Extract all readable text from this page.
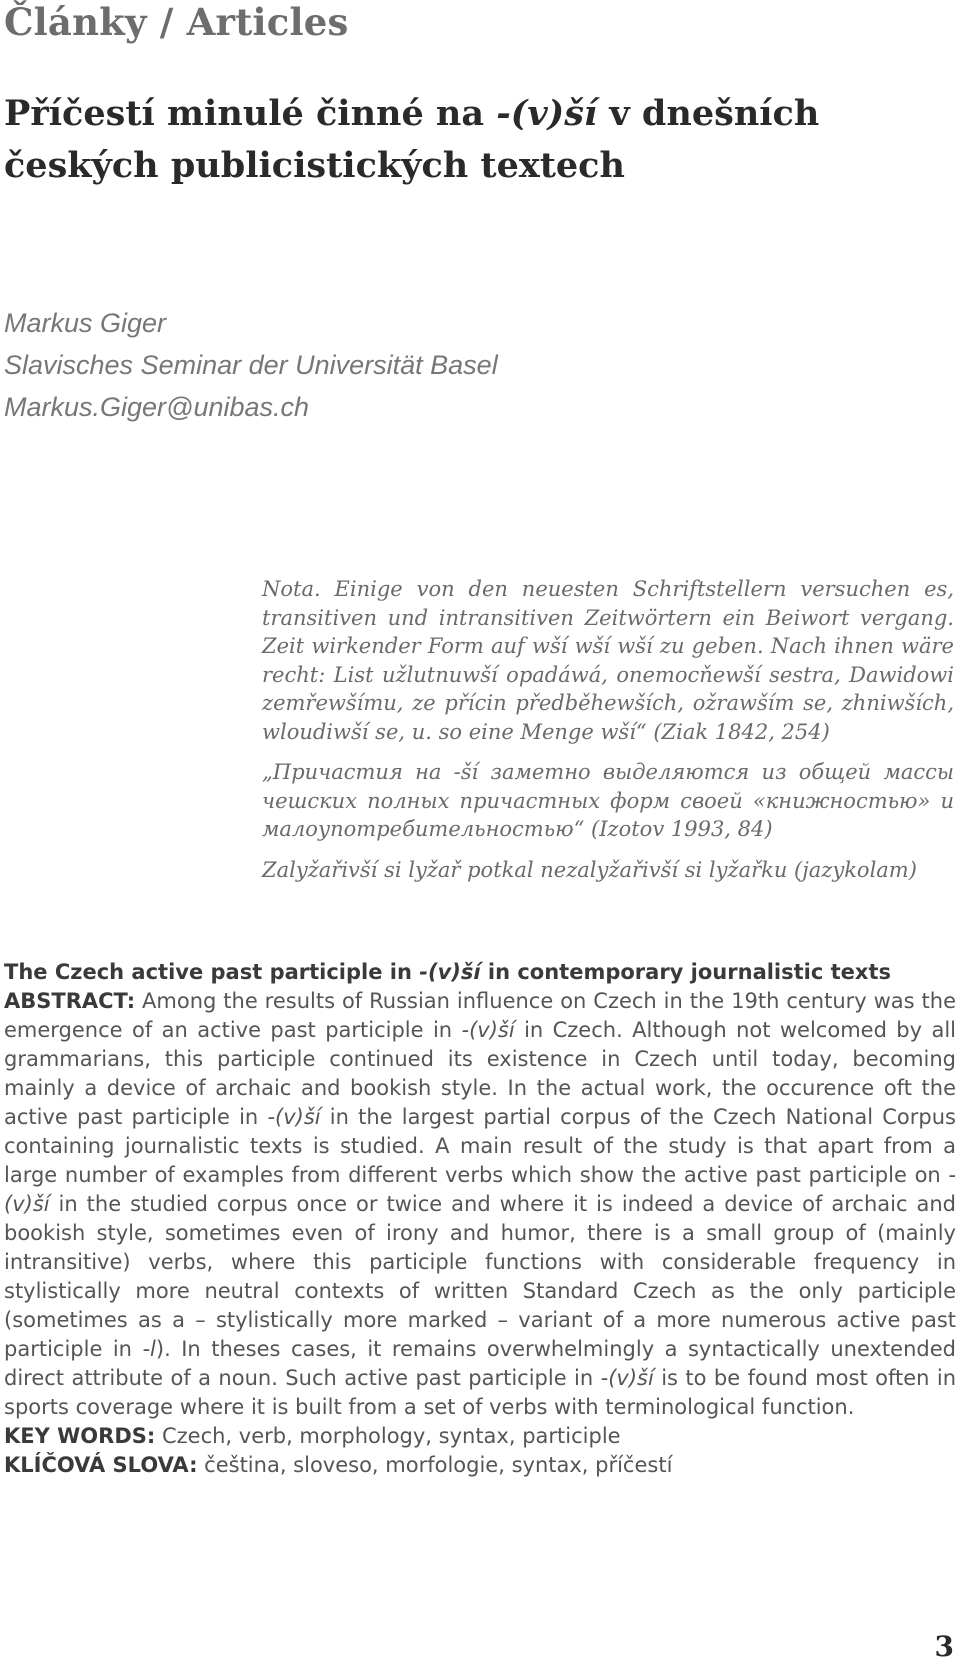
Články / Articles
Příčestí minulé činné na -(v)ší v dnešních českých publicistických textech
Markus Giger
Slavisches Seminar der Universität Basel
Markus.Giger@unibas.ch

Nota. Einige von den neuesten Schriftstellern versuchen es, transitiven und intransitiven Zeitwörtern ein Beiwort vergang. Zeit wirkender Form auf wší wší wší zu geben. Nach ihnen wäre recht: List užlutnuwší opadáwá, onemocňewší sestra, Dawidowi zemřewšímu, ze přícin předběhewších, ožrawším se, zhniwších, wloudiwší se, u. so eine Menge wší“ (Ziak 1842, 254)

„Причастия на -ší заметно выделяются из общей массы чешских полных причастных форм своей «книжностью» и малоупотребительностью“ (Izotov 1993, 84)

Zalyžařivší si lyžař potkal nezalyžařivší si lyžařku (jazykolam)

The Czech active past participle in -(v)ší in contemporary journalistic texts

ABSTRACT: Among the results of Russian influence on Czech in the 19th century was the emergence of an active past participle in -(v)ší in Czech. Although not welcomed by all grammarians, this participle continued its existence in Czech until today, becoming mainly a device of archaic and bookish style. In the actual work, the occurence oft the active past participle in -(v)ší in the largest partial corpus of the Czech National Corpus containing journalistic texts is studied. A main result of the study is that apart from a large number of examples from different verbs which show the active past participle on -(v)ší in the studied corpus once or twice and where it is indeed a device of archaic and bookish style, sometimes even of irony and humor, there is a small group of (mainly intransitive) verbs, where this participle functions with considerable frequency in stylistically more neutral contexts of written Standard Czech as the only participle (sometimes as a – stylistically more marked – variant of a more numerous active past participle in -l). In theses cases, it remains overwhelmingly a syntactically unextended direct attribute of a noun. Such active past participle in -(v)ší is to be found most often in sports coverage where it is built from a set of verbs with terminological function.

KEY WORDS: Czech, verb, morphology, syntax, participle
KLÍČOVÁ SLOVA: čeština, sloveso, morfologie, syntax, příčestí
3
